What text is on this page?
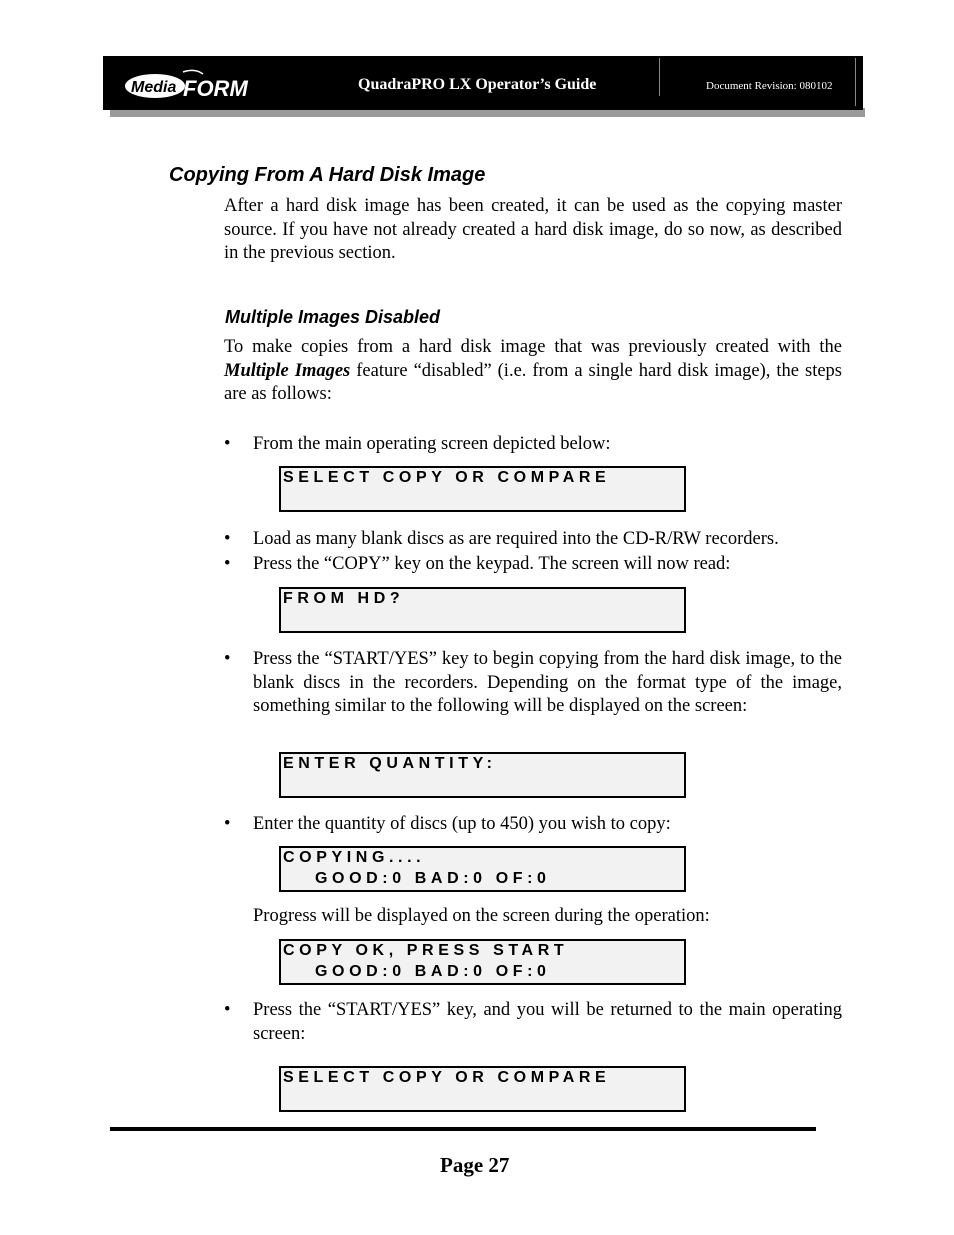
Media FORM	QuadraPRO LX Operator’s Guide	Document Revision: 080102
Copying From A Hard Disk Image
After a hard disk image has been created, it can be used as the copying master source. If you have not already created a hard disk image, do so now, as described in the previous section.
Multiple Images Disabled
To make copies from a hard disk image that was previously created with the Multiple Images feature “disabled” (i.e. from a single hard disk image), the steps are as follows:
•	From the main operating screen depicted below:

SELECT COPY OR COMPARE

•	Load as many blank discs as are required into the CD-R/RW recorders.
•	Press the “COPY” key on the keypad. The screen will now read:

FROM HD?

•	Press the “START/YES” key to begin copying from the hard disk image, to the blank discs in the recorders. Depending on the format type of the image, something similar to the following will be displayed on the screen:

ENTER QUANTITY:

•	Enter the quantity of discs (up to 450) you wish to copy:

COPYING....

GOOD:0 BAD:0 OF:0

Progress will be displayed on the screen during the operation:

COPY OK, PRESS START

GOOD:0 BAD:0 OF:0

•	Press the “START/YES” key, and you will be returned to the main operating screen:

SELECT COPY OR COMPARE

Page 27
